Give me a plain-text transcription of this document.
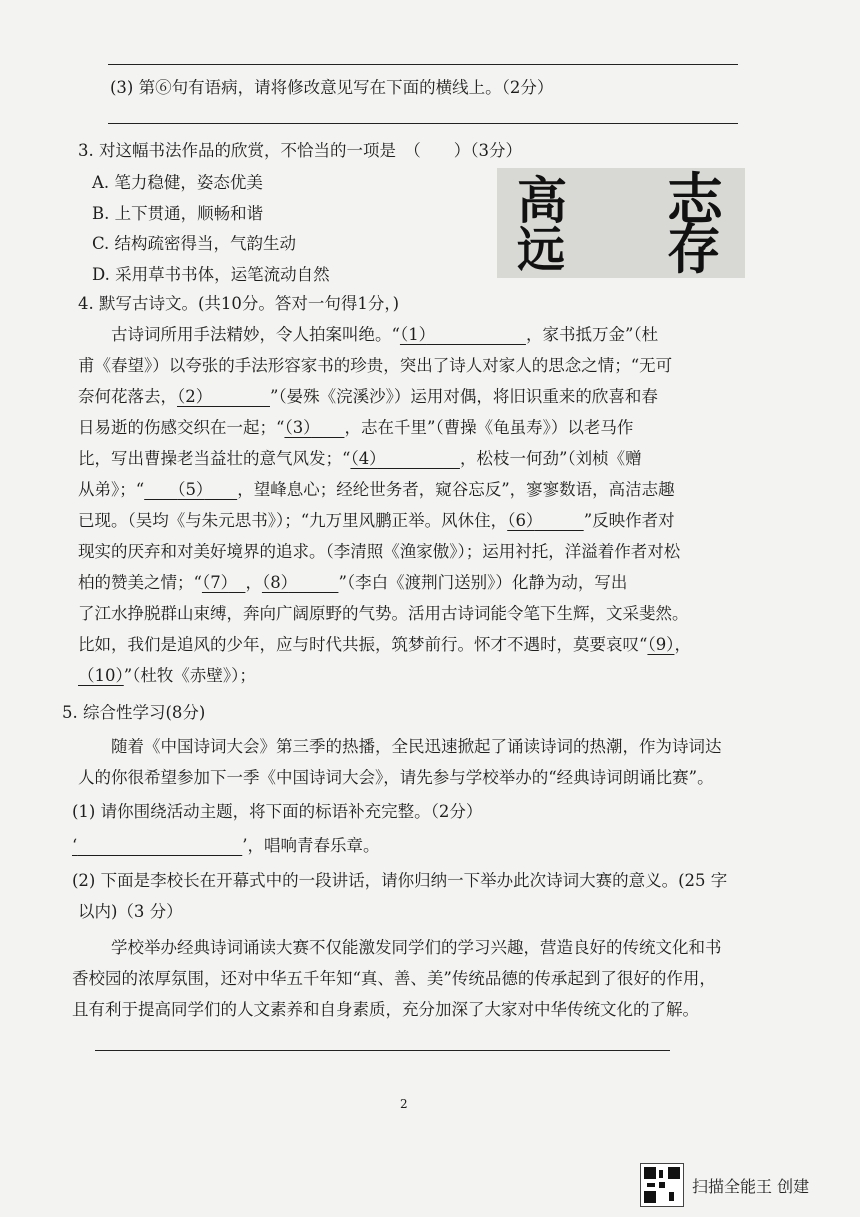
(3) 第⑥句有语病，请将修改意见写在下面的横线上。（2分）
3. 对这幅书法作品的欣赏，不恰当的一项是　（　　）（3分）
A. 笔力稳健，姿态优美
B. 上下贯通，顺畅和谐
C. 结构疏密得当，气韵生动
D. 采用草书书体，运笔流动自然
志
存
高
远
4. 默写古诗文。(共10分。答对一句得1分，)
　　古诗词所用手法精妙，令人拍案叫绝。“（1）　　　　　　	，家书抵万金”（杜
甫《春望》）以夸张的手法形容家书的珍贵，突出了诗人对家人的思念之情；“无可
奈何花落去，（2）　　　　	”（晏殊《浣溪沙》）运用对偶，将旧识重来的欣喜和春
日易逝的伤感交织在一起；“（3）　　 ，志在千里”（曹操《龟虽寿》）以老马作
比，写出曹操老当益壮的意气风发；“（4）　　　　　	，松枝一何劲”（刘桢《赠
从弟》；“　　 （5）　　 ，望峰息心；经纶世务者，窥谷忘反”，寥寥数语，高洁志趣
已现。（吴均《与朱元思书》）；“九万里风鹏正举。风休住，（6）　　　	”反映作者对
现实的厌弃和对美好境界的追求。（李清照《渔家傲》）；运用衬托，洋溢着作者对松
柏的赞美之情；“（7）　 ，（8）　　　	”（李白《渡荆门送别》）化静为动，写出
了江水挣脱群山束缚，奔向广阔原野的气势。活用古诗词能令笔下生辉，文采斐然。
比如，我们是追风的少年，应与时代共振，筑梦前行。怀才不遇时，莫要哀叹“（9），
（10）”（杜牧《赤壁》）；
5. 综合性学习(8分)
　　随着《中国诗词大会》第三季的热播，全民迅速掀起了诵读诗词的热潮，作为诗词达
人的你很希望参加下一季《中国诗词大会》，请先参与学校举办的“经典诗词朗诵比赛”。
(1) 请你围绕活动主题，将下面的标语补充完整。（2分）
‘　　　　　　　　　　	’，唱响青春乐章。
(2) 下面是李校长在开幕式中的一段讲话，请你归纳一下举办此次诗词大赛的意义。(25 字
以内)（3 分）
　　学校举办经典诗词诵读大赛不仅能激发同学们的学习兴趣，营造良好的传统文化和书
香校园的浓厚氛围，还对中华五千年知“真、善、美”传统品德的传承起到了很好的作用，
且有利于提高同学们的人文素养和自身素质，充分加深了大家对中华传统文化的了解。
2
扫描全能王 创建
